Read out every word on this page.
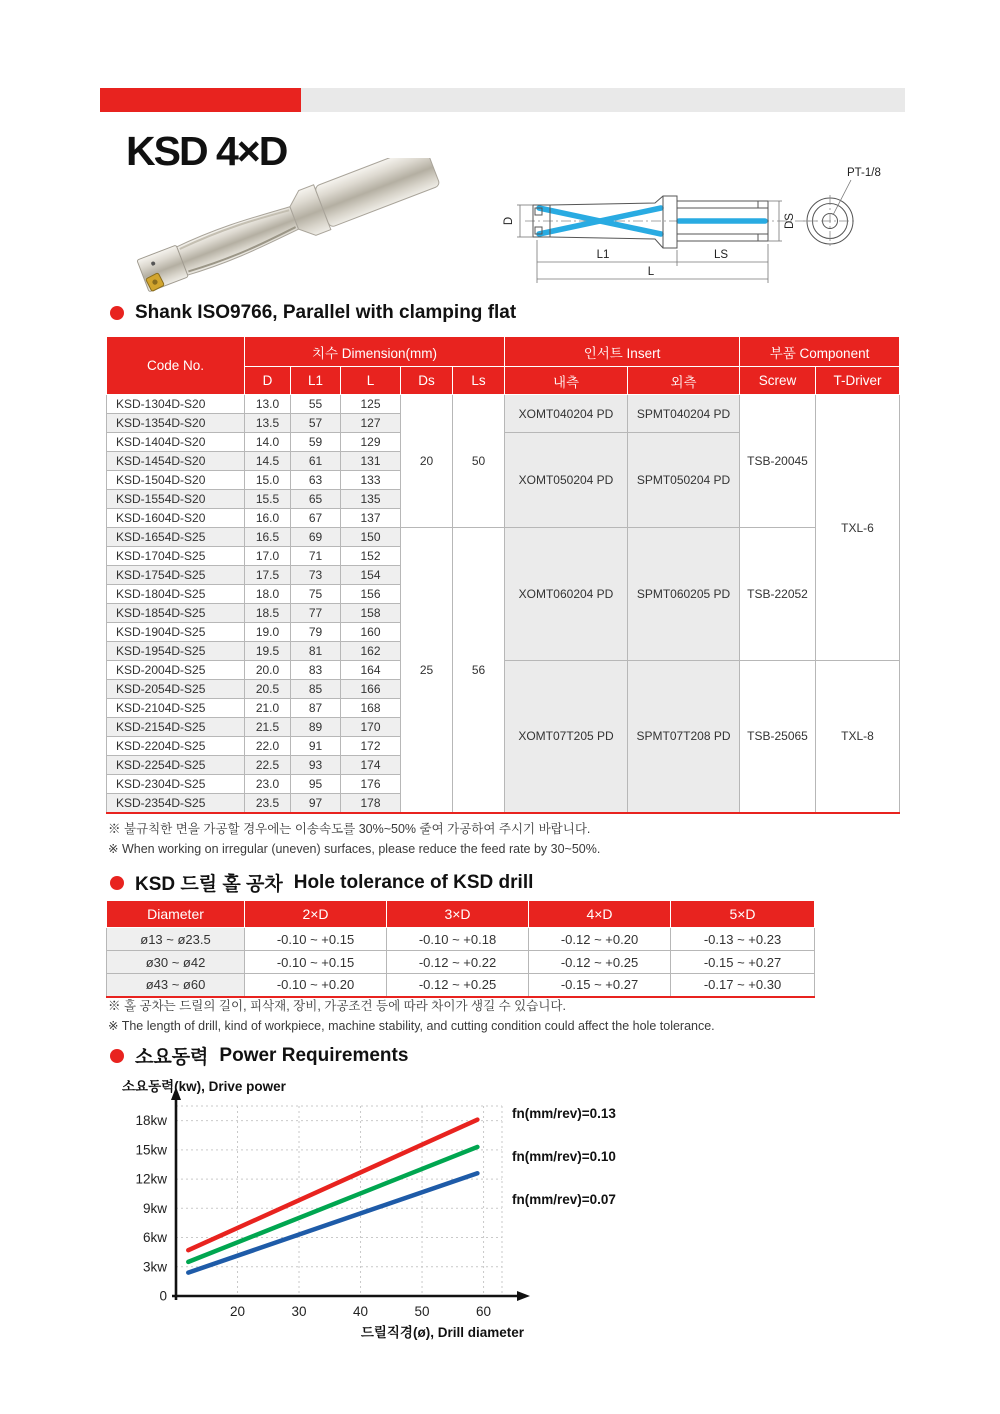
KSD 4×D
D	DS
L1	LS
L
PT-1/8
Shank ISO9766, Parallel with clamping flat
Code No.	치수 Dimension(mm)					인서트 Insert		부품 Component	
	D	L1	L	Ds	Ls	내측	외측	Screw	T-Driver
KSD-1304D-S20	13.0	55	125	20	50	XOMT040204 PD	SPMT040204 PD	TSB-20045	TXL-6
KSD-1354D-S20	13.5	57	127						
KSD-1404D-S20	14.0	59	129			XOMT050204 PD	SPMT050204 PD		
KSD-1454D-S20	14.5	61	131						
KSD-1504D-S20	15.0	63	133						
KSD-1554D-S20	15.5	65	135						
KSD-1604D-S20	16.0	67	137						
KSD-1654D-S25	16.5	69	150	25	56	XOMT060204 PD	SPMT060205 PD	TSB-22052	
KSD-1704D-S25	17.0	71	152						
KSD-1754D-S25	17.5	73	154						
KSD-1804D-S25	18.0	75	156						
KSD-1854D-S25	18.5	77	158						
KSD-1904D-S25	19.0	79	160						
KSD-1954D-S25	19.5	81	162						
KSD-2004D-S25	20.0	83	164			XOMT07T205 PD	SPMT07T208 PD	TSB-25065	TXL-8
KSD-2054D-S25	20.5	85	166						
KSD-2104D-S25	21.0	87	168						
KSD-2154D-S25	21.5	89	170						
KSD-2204D-S25	22.0	91	172						
KSD-2254D-S25	22.5	93	174						
KSD-2304D-S25	23.0	95	176						
KSD-2354D-S25	23.5	97	178						
※ 불규칙한 면을 가공할 경우에는 이송속도를 30%~50% 줄여 가공하여 주시기 바랍니다.
※ When working on irregular (uneven) surfaces, please reduce the feed rate by 30~50%.
KSD 드릴 홀 공차 Hole tolerance of KSD drill
Diameter	2×D	3×D	4×D	5×D
ø13 ~ ø23.5	-0.10 ~ +0.15	-0.10 ~ +0.18	-0.12 ~ +0.20	-0.13 ~ +0.23
ø30 ~ ø42	-0.10 ~ +0.15	-0.12 ~ +0.22	-0.12 ~ +0.25	-0.15 ~ +0.27
ø43 ~ ø60	-0.10 ~ +0.20	-0.12 ~ +0.25	-0.15 ~ +0.27	-0.17 ~ +0.30
※ 홀 공차는 드릴의 길이, 피삭재, 장비, 가공조건 등에 따라 차이가 생길 수 있습니다.
※ The length of drill, kind of workpiece, machine stability, and cutting condition could affect the hole tolerance.
소요동력 Power Requirements
0
3kw
6kw
9kw
12kw
15kw
18kw
20	30	40	50	60
소요동력(kw), Drive power
드릴직경(ø), Drill diameter
fn(mm/rev)=0.13
fn(mm/rev)=0.10
fn(mm/rev)=0.07
